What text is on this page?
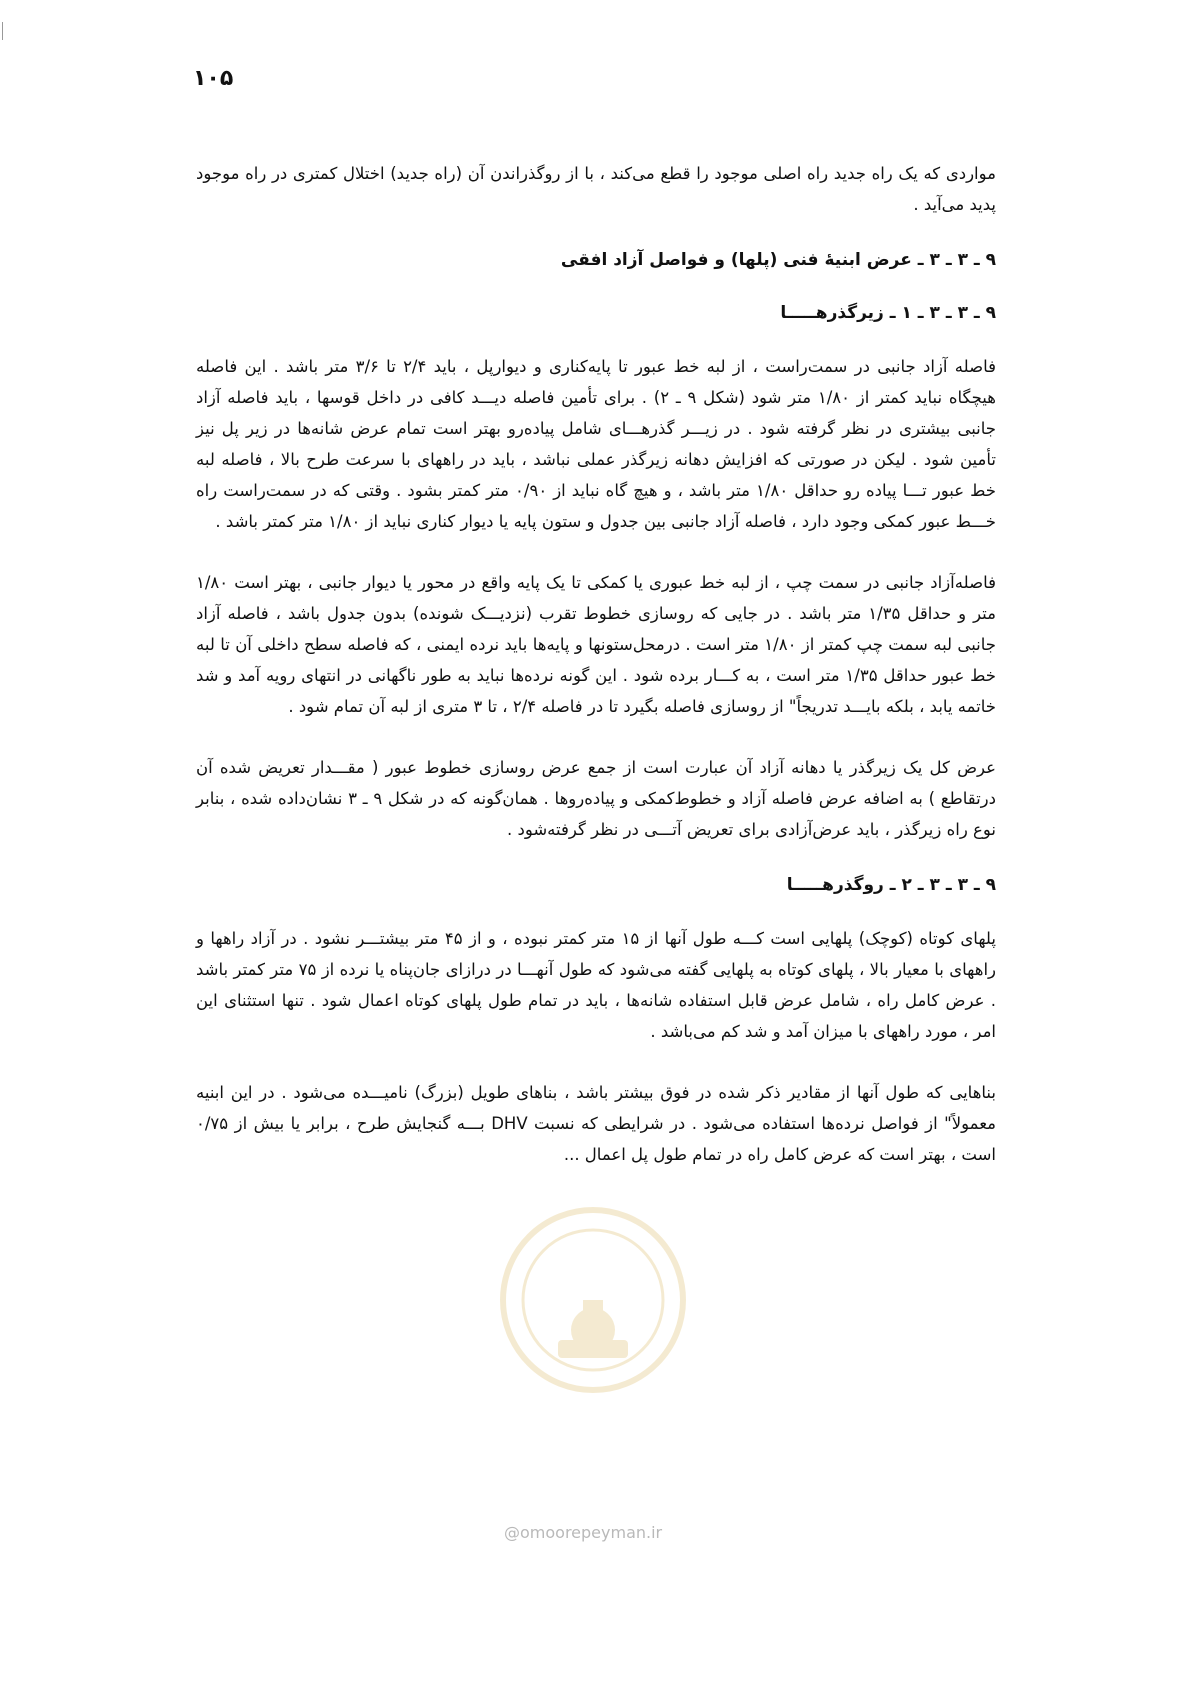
۱۰۵

مواردی که یک راه جدید راه اصلی موجود را قطع می‌کند ، با از روگذراندن آن (راه جدید) اختلال کمتری در راه موجود پدید می‌آید .

۹ ـ ۳ ـ ۳ ـ عرض ابنیهٔ فنی (پلها) و فواصل آزاد افقی

۹ ـ ۳ ـ ۳ ـ ۱ ـ زیرگذرهـــــا

فاصله آزاد جانبی در سمت‌راست ، از لبه خط عبور تا پایه‌کناری و دیوارپل ، باید ۲/۴ تا ۳/۶ متر باشد . این فاصله هیچگاه نباید کمتر از ۱/۸۰ متر شود (شکل ۹ ـ ۲) . برای تأمین فاصله دیـــد کافی در داخل قوسها ، باید فاصله آزاد جانبی بیشتری در نظر گرفته شود . در زیـــر گذرهـــای شامل پیاده‌رو بهتر است تمام عرض شانه‌ها در زیر پل نیز تأمین شود . لیکن در صورتی که افزایش دهانه زیرگذر عملی نباشد ، باید در راههای با سرعت طرح بالا ، فاصله لبه خط عبور تـــا پیاده رو حداقل ۱/۸۰ متر باشد ، و هیچ گاه نباید از ۰/۹۰ متر کمتر بشود . وقتی که در سمت‌راست راه خـــط عبور کمکی وجود دارد ، فاصله آزاد جانبی بین جدول و ستون پایه یا دیوار کناری نباید از ۱/۸۰ متر کمتر باشد .

فاصله‌آزاد جانبی در سمت چپ ، از لبه خط عبوری یا کمکی تا یک پایه واقع در محور یا دیوار جانبی ، بهتر است ۱/۸۰ متر و حداقل ۱/۳۵ متر باشد . در جایی که روسازی خطوط تقرب (نزدیـــک شونده) بدون جدول باشد ، فاصله آزاد جانبی لبه سمت چپ کمتر از ۱/۸۰ متر است . درمحل‌ستونها و پایه‌ها باید نرده ایمنی ، که فاصله سطح داخلی آن تا لبه خط عبور حداقل ۱/۳۵ متر است ، به کـــار برده شود . این گونه نرده‌ها نباید به طور ناگهانی در انتهای رویه آمد و شد خاتمه یابد ، بلکه بایـــد تدریجاً" از روسازی فاصله بگیرد تا در فاصله ۲/۴ ، تا ۳ متری از لبه آن تمام شود .

عرض کل یک زیرگذر یا دهانه آزاد آن عبارت است از جمع عرض روسازی خطوط عبور ( مقـــدار تعریض شده آن درتقاطع ) به اضافه عرض فاصله آزاد و خطوط‌کمکی و پیاده‌روها . همان‌گونه که در شکل ۹ ـ ۳ نشان‌داده شده ، بنابر نوع راه زیرگذر ، باید عرض‌آزادی برای تعریض آتـــی در نظر گرفته‌شود .

۹ ـ ۳ ـ ۳ ـ ۲ ـ روگذرهـــــا

پلهای کوتاه (کوچک) پلهایی است کـــه طول آنها از ۱۵ متر کمتر نبوده ، و از ۴۵ متر بیشتـــر نشود . در آزاد راهها و راههای با معیار بالا ، پلهای کوتاه به پلهایی گفته می‌شود که طول آنهـــا در درازای جان‌پناه یا نرده از ۷۵ متر کمتر باشد . عرض کامل راه ، شامل عرض قابل استفاده شانه‌ها ، باید در تمام طول پلهای کوتاه اعمال شود . تنها استثنای این امر ، مورد راههای با میزان آمد و شد کم می‌باشد .

بناهایی که طول آنها از مقادیر ذکر شده در فوق بیشتر باشد ، بناهای طویل (بزرگ) نامیـــده می‌شود . در این ابنیه معمولاً" از فواصل نرده‌ها استفاده می‌شود . در شرایطی که نسبت DHV بـــه گنجایش طرح ، برابر یا بیش از ۰/۷۵ است ، بهتر است که عرض کامل راه در تمام طول پل اعمال ...

@omoorepeyman.ir
